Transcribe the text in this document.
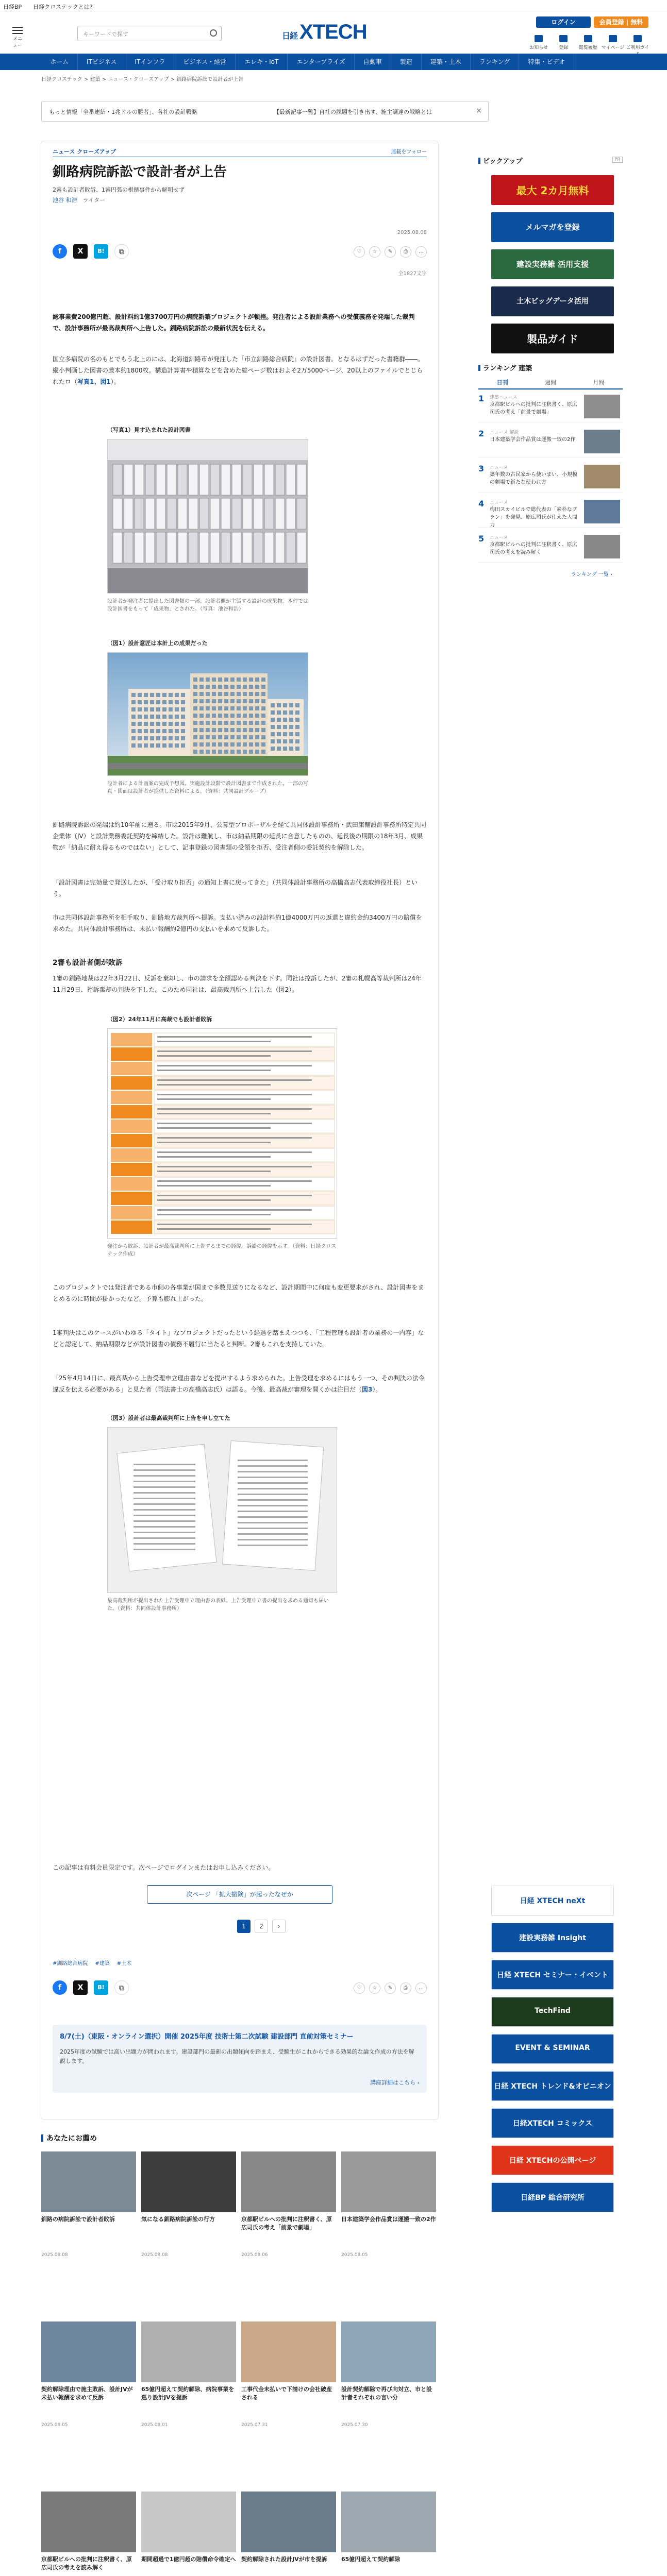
日経BP 日経クロステックとは?
メニュー
キーワードで探す	日経 XTECH	ログイン	会員登録 | 無料
お知らせ	登録	閲覧履歴 マイページ ご利用ガイ
ホーム	ITビジネス	ITインフラ	ビジネス・経営	エレキ・IoT	エンタープライズ	自動車	製造	建築・土木	ランキング	特集・ビデオ
日経クロステック > 建築 > ニュース・クローズアップ > 釧路病院訴訟で設計者が上告
もっと情報「全番連結・1兆ドルの勝者」、各社の設計戦略	【最新記事一覧】自社の課題を引き出す、施主調達の戦略とは	×
ニュース クローズアップ	連載をフォロー
釧路病院訴訟で設計者が上告
2審も設計者敗訴、1審円弧の根拠事件から解明せず
池谷 和浩　 ライター
2025.08.08
f	X	B!	⧉	♡	☆	✎	⎙	…
全1827文字

総事業費200億円超、設計料約1億3700万円の病院新築プロジェクトが頓挫。発注者による設計業務への受償義務を発端した裁判で、設計事務所が最高裁判所へ上告した。釧路病院訴訟の最新状況を伝える。

国立多病院の名のもとでもう北上のには、北海道釧路市が発注した「市立釧路総合病院」の設計図書。となるはずだった書籍群――。縦小判画した図書の厳本約1800枚。構造計算書や積算などを含めた総ページ数はおよそ2万5000ページ、20以上のファイルでとじられたロ（写真1、図1）。

（写真1）見す込まれた設計図書
設計者が発注者に提出した図書類の一部。設計者側が主張する設計の成果物。本件では設計図書をもって「成果物」とされた。（写真：池谷和浩）
（図1）設計意匠は本計上の成果だった
設計者による計画案の完成予想図。実施設計段階で設計図書まで作成された。一部の写真・図面は設計者が提供した資料による。（資料：共同設計グループ）

釧路病院訴訟の発端は約10年前に遡る。市は2015年9月、公募型プロポーザルを経て共同体設計事務所・武田康輔設計事務所特定共同企業体（JV）と設計業務委託契約を締結した。設計は難航し、市は納品期限の延長に合意したものの、延長後の期限の18年3月、成果物が「納品に耐え得るものではない」として、記事登録の図書類の受領を拒否、受注者側の委託契約を解除した。

「設計図書は完効量で発送したが、「受け取り拒否」の通知上書に戻ってきた」（共同体設計事務所の高橋高志代表取締役社長）という。

市は共同体設計事務所を相手取り、釧路地方裁判所へ提訴。支払い済みの設計料約1億4000万円の返還と違約金約3400万円の賠償を求めた。共同体設計事務所は、未払い報酬約2億円の支払いを求めて反訴した。

2審も設計者側が敗訴

1審の釧路地裁は22年3月22日、反訴を棄却し、市の請求を全額認める判決を下す。同社は控訴したが、2審の札幌高等裁判所は24年11月29日、控訴棄却の判決を下した。このため同社は、最高裁判所へ上告した（図2）。

（図2）24年11月に高裁でも設計者敗訴
発注から敗訴、設計者が最高裁判所に上告するまでの経緯。訴訟の経緯を示す。（資料：日経クロステック作成）

このプロジェクトでは発注者である市側の各事業が国まで多数見送りになるなど、設計期間中に何度も変更要求がされ、設計図書をまとめるのに時間が掛かったなど。予算も膨れ上がった。

1審判決はこのケースがいわゆる「タイト」なプロジェクトだったという経過を踏まえつつも、「工程管理も設計者の業務の一内容」などと認定して、納品期限などが設計図書の債務不履行に当たると判断。2審もこれを支持していた。

「25年4月14日に、最高裁から上告受理申立理由書などを提出するよう求められた。上告受理を求めるにはもう一つ、その判決の法令違反を伝える必要がある」と見た者（司法書士の高橋高志氏）は語る。今後、最高裁が審理を開くかは注目だ（図3）。

（図3）設計者は最高裁判所に上告を申し立てた
最高裁判所が提出された上告受理申立理由書の表紙。上告受理申立書の提出を求める通知も届いた。（資料：共同体設計事務所）

この記事は有料会員限定です。次ページでログインまたはお申し込みください。

次ページ 「拡大撤険」が起ったなぜか
1	2	›
#釧路総合病院 #建築 #土木
f	X	B!	⧉	♡	☆	✎	⎙	…
8/7(土)（東阪・オンライン選択）開催 2025年度 技術士第二次試験 建設部門 直前対策セミナー
2025年度の試験では高い出題力が問われます。建設部門の最新の出題傾向を踏まえ、受験生がこれからできる効果的な論文作成の方法を解説します。
講座詳細はこちら ›
ピックアップ	PR
最大 2カ月無料
メルマガを登録
建設実務雑 活用支援
土木ビッグデータ活用
製品ガイド
ランキング 建築
日刊	週間	月間
ランキング 一覧 ›
あなたにお薦め
1 建築ニュース
京都駅ビルへの批判に注釈書く、原広司氏の考え「前景で劇場」
2 ニュース 解説
日本建築学会作品賞は運搬一致の2作
3 ニュース
築年数の古民家から使いまい、小規模の劇場で新たな使われ方
4 ニュース
梅田スカイビルで総代表の「素朴なブラン」を発見、原広司氏が仕えた人間力
5 ニュース
京都駅ビルへの批判に注釈書く、原広司氏の考えを読み解く
日経 XTECH neXt
建設実務雑 Insight
日経 XTECH セミナー・イベント
TechFind
EVENT & SEMINAR
日経 XTECH トレンド&オピニオン
日経XTECH コミックス
日経 XTECHの公開ページ
日経BP 総合研究所
釧路の病院訴訟で設計者敗訴
2025.08.08
気になる釧路病院訴訟の行方
2025.08.08
京都駅ビルへの批判に注釈書く、原広司氏の考え「前景で劇場」
2025.08.06
日本建築学会作品賞は運搬一致の2作
2025.08.05
契約解除理由で施主敗訴、設計JVが未払い報酬を求めて反訴
2025.08.05
65億円超えて契約解除、病院事業を巡り設計JVを提訴
2025.08.01
工事代金未払いで下請けの会社破産される
2025.07.31
設計契約解除で再び向対立、市と設計者それぞれの言い分
2025.07.30
京都駅ビルへの批判に注釈書く、原広司氏の考えを読み解く
期間超過で1億円超の賠償命令確定へ 契約解除された設計JVが市を提訴	65億円超えて契約解除
